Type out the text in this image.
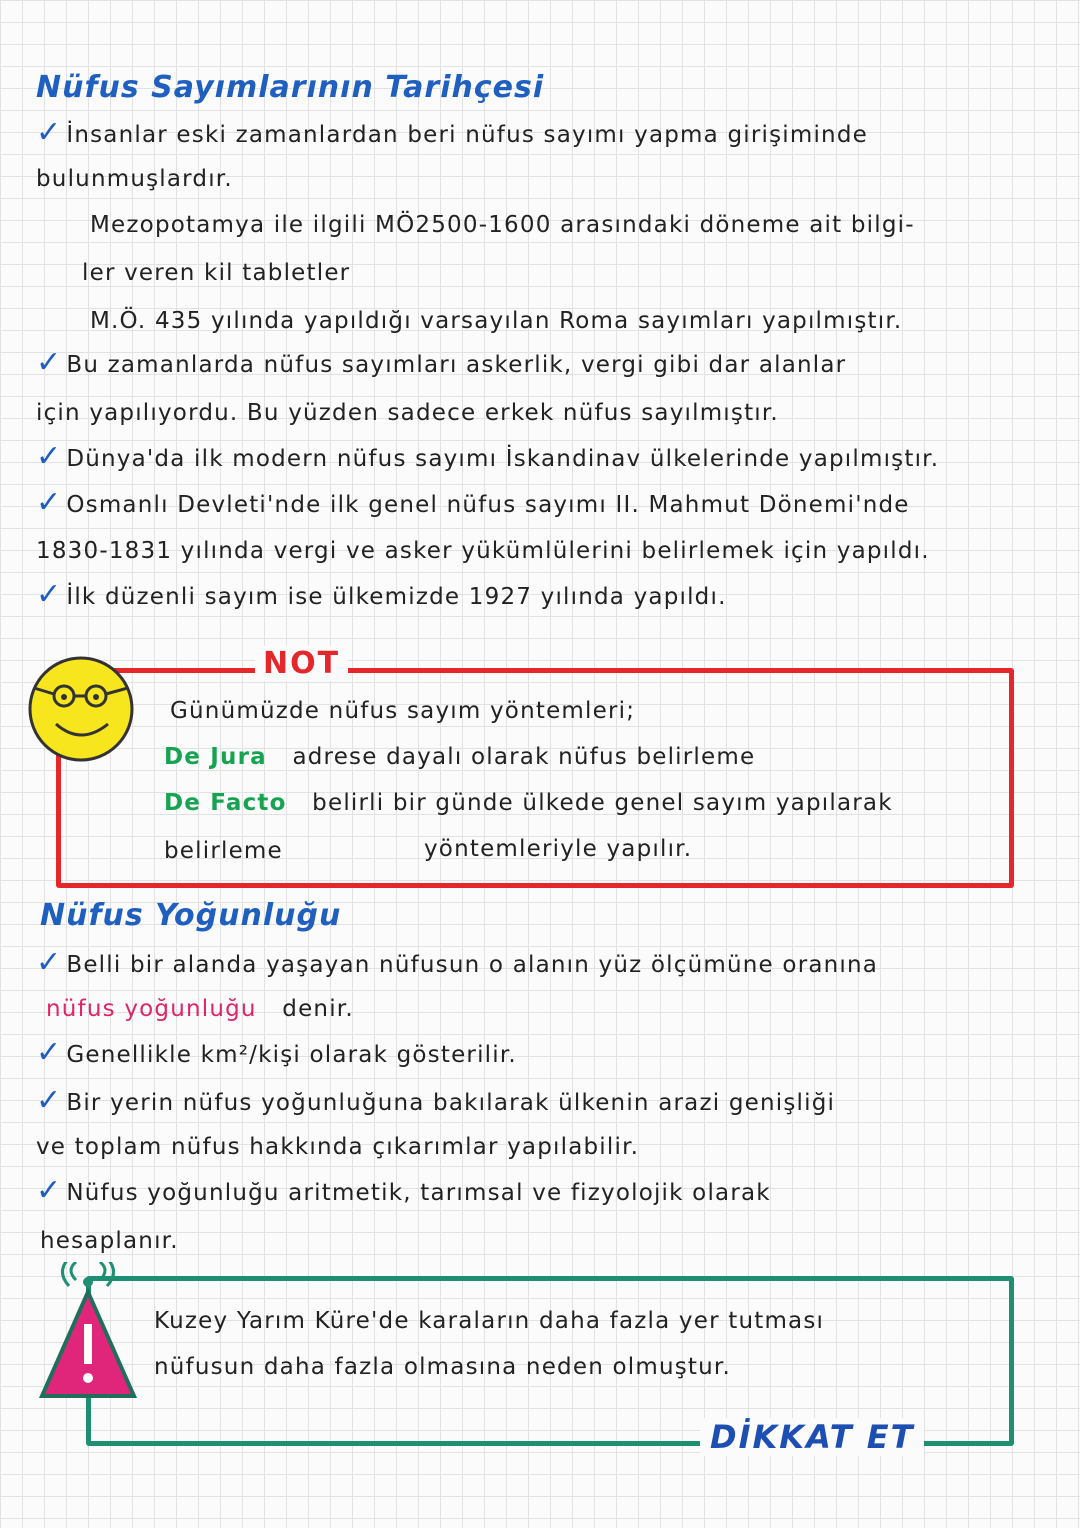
Nüfus Sayımlarının Tarihçesi
✓ İnsanlar eski zamanlardan beri nüfus sayımı yapma girişiminde
bulunmuşlardır.
Mezopotamya ile ilgili MÖ2500-1600 arasındaki döneme ait bilgi-
ler veren kil tabletler
M.Ö. 435 yılında yapıldığı varsayılan Roma sayımları yapılmıştır.
✓ Bu zamanlarda nüfus sayımları askerlik, vergi gibi dar alanlar
için yapılıyordu. Bu yüzden sadece erkek nüfus sayılmıştır.
✓ Dünya'da ilk modern nüfus sayımı İskandinav ülkelerinde yapılmıştır.
✓ Osmanlı Devleti'nde ilk genel nüfus sayımı II. Mahmut Dönemi'nde
1830-1831 yılında vergi ve asker yükümlülerini belirlemek için yapıldı.
✓ İlk düzenli sayım ise ülkemizde 1927 yılında yapıldı.
NOT
Günümüzde nüfus sayım yöntemleri;
De Jura adrese dayalı olarak nüfus belirleme
De Facto belirli bir günde ülkede genel sayım yapılarak
belirleme	yöntemleriyle yapılır.
Nüfus Yoğunluğu
✓ Belli bir alanda yaşayan nüfusun o alanın yüz ölçümüne oranına
nüfus yoğunluğu denir.
✓ Genellikle km²/kişi olarak gösterilir.
✓ Bir yerin nüfus yoğunluğuna bakılarak ülkenin arazi genişliği
ve toplam nüfus hakkında çıkarımlar yapılabilir.
✓ Nüfus yoğunluğu aritmetik, tarımsal ve fizyolojik olarak
hesaplanır.
DİKKAT ET
Kuzey Yarım Küre'de karaların daha fazla yer tutması
nüfusun daha fazla olmasına neden olmuştur.
